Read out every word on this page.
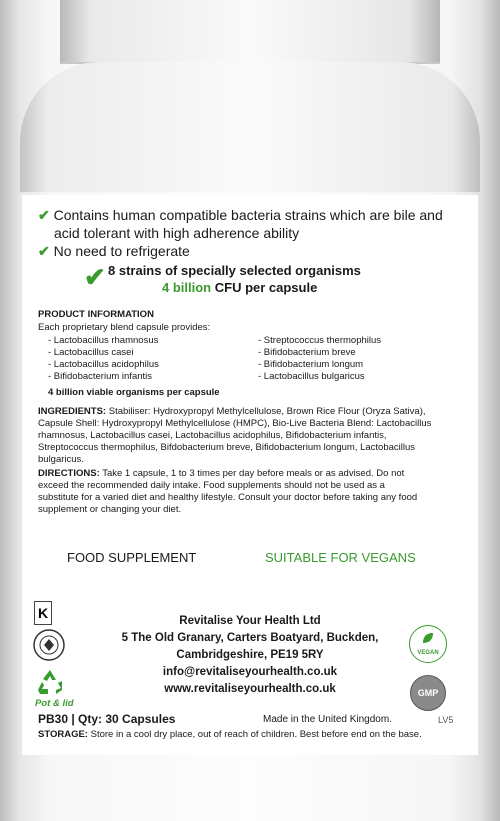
✔ Contains human compatible bacteria strains which are bile and
acid tolerant with high adherence ability
✔ No need to refrigerate
✔ 8 strains of specially selected organisms
4 billion CFU per capsule
PRODUCT INFORMATION
Each proprietary blend capsule provides:
- Lactobacillus rhamnosus
- Lactobacillus casei
- Lactobacillus acidophilus
- Bifidobacterium infantis
- Streptococcus thermophilus
- Bifidobacterium breve
- Bifidobacterium longum
- Lactobacillus bulgaricus
4 billion viable organisms per capsule
INGREDIENTS: Stabiliser: Hydroxypropyl Methylcellulose, Brown Rice Flour (Oryza Sativa),
Capsule Shell: Hydroxypropyl Methylcellulose (HMPC), Bio-Live Bacteria Blend: Lactobacillus
rhamnosus, Lactobacillus casei, Lactobacillus acidophilus, Bifidobacterium infantis,
Streptococcus thermophilus, Bifdobacterium breve, Bifidobacterium longum, Lactobacillus
bulgaricus.
DIRECTIONS: Take 1 capsule, 1 to 3 times per day before meals or as advised. Do not
exceed the recommended daily intake. Food supplements should not be used as a
substitute for a varied diet and healthy lifestyle. Consult your doctor before taking any food
supplement or changing your diet.
FOOD SUPPLEMENT	SUITABLE FOR VEGANS
K
Pot & lid
Revitalise Your Health Ltd
5 The Old Granary, Carters Boatyard, Buckden,
Cambridgeshire, PE19 5RY
info@revitaliseyourhealth.co.uk
www.revitaliseyourhealth.co.uk
VEGAN
GMP
PB30 | Qty: 30 Capsules	Made in the United Kingdom.	LV5
STORAGE: Store in a cool dry place, out of reach of children. Best before end on the base.
